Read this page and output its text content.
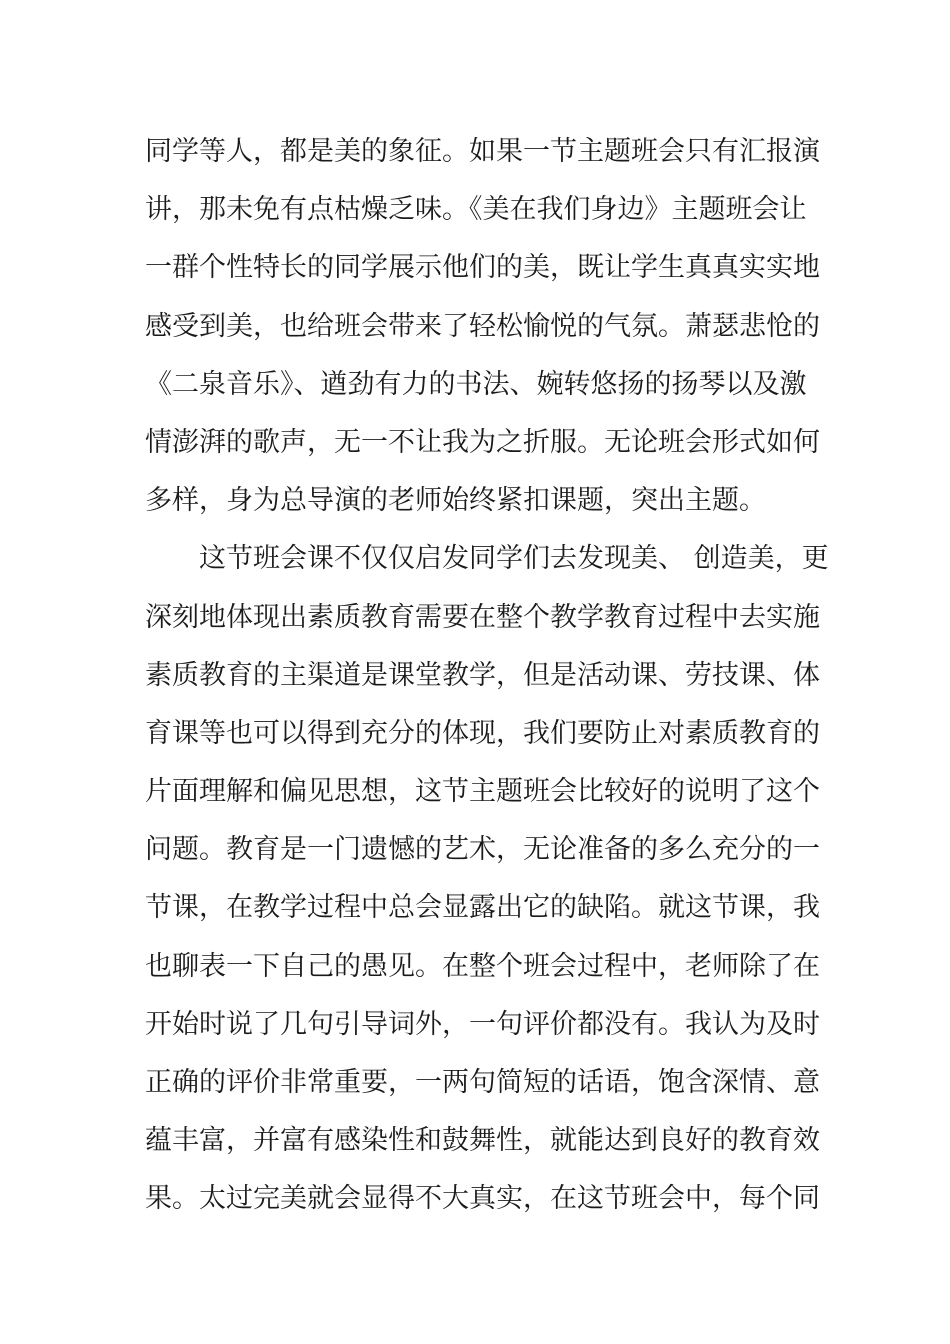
同学等人，都是美的象征。如果一节主题班会只有汇报演
讲，那未免有点枯燥乏味。《美在我们身边》主题班会让
一群个性特长的同学展示他们的美，既让学生真真实实地
感受到美，也给班会带来了轻松愉悦的气氛。萧瑟悲怆的
《二泉音乐》、遒劲有力的书法、婉转悠扬的扬琴以及激
情澎湃的歌声，无一不让我为之折服。无论班会形式如何
多样，身为总导演的老师始终紧扣课题，突出主题。
这节班会课不仅仅启发同学们去发现美、 创造美，更
深刻地体现出素质教育需要在整个教学教育过程中去实施
素质教育的主渠道是课堂教学，但是活动课、劳技课、体
育课等也可以得到充分的体现，我们要防止对素质教育的
片面理解和偏见思想，这节主题班会比较好的说明了这个
问题。教育是一门遗憾的艺术，无论准备的多么充分的一
节课，在教学过程中总会显露出它的缺陷。就这节课，我
也聊表一下自己的愚见。在整个班会过程中，老师除了在
开始时说了几句引导词外，一句评价都没有。我认为及时
正确的评价非常重要，一两句简短的话语，饱含深情、意
蕴丰富，并富有感染性和鼓舞性，就能达到良好的教育效
果。太过完美就会显得不大真实，在这节班会中，每个同
